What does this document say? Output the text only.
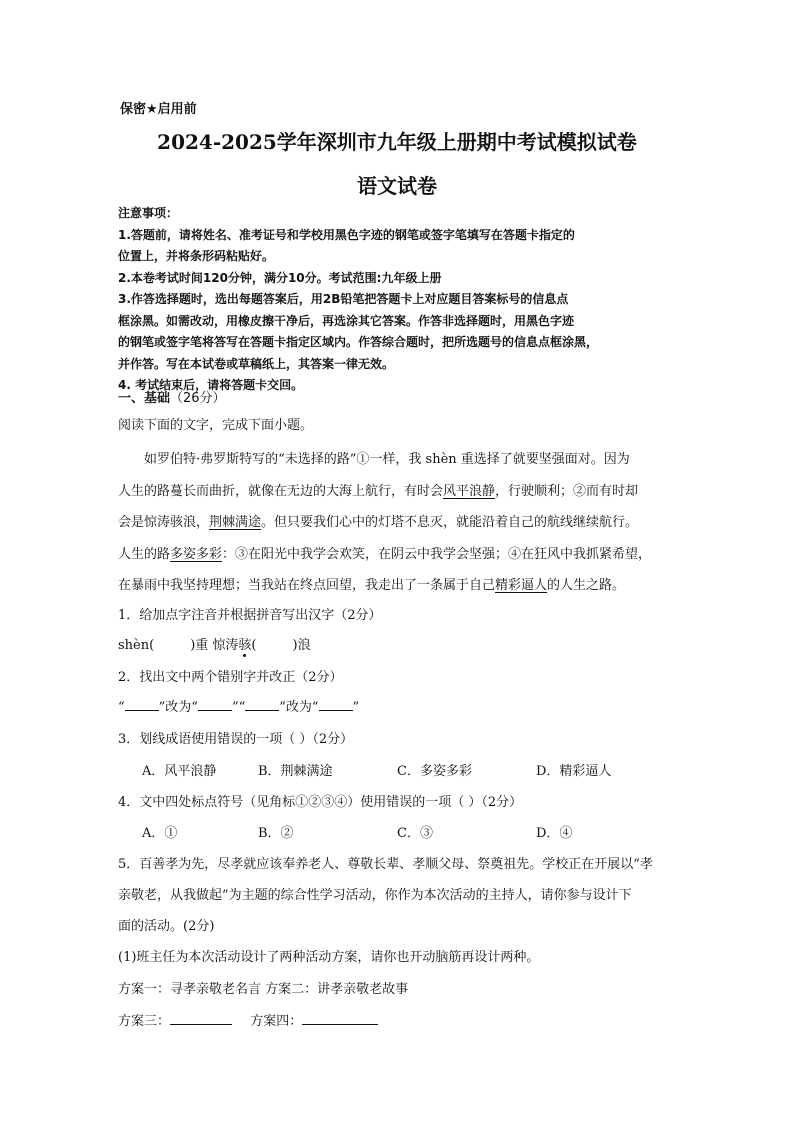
保密★启用前
2024-2025学年深圳市九年级上册期中考试模拟试卷
语文试卷
注意事项：
1.答题前，请将姓名、准考证号和学校用黑色字迹的钢笔或签字笔填写在答题卡指定的
位置上，并将条形码粘贴好。
2.本卷考试时间120分钟，满分10分。考试范围:九年级上册
3.作答选择题时，选出每题答案后，用2B铅笔把答题卡上对应题目答案标号的信息点
框涂黑。如需改动，用橡皮擦干净后，再选涂其它答案。作答非选择题时，用黑色字迹
的钢笔或签字笔将答写在答题卡指定区域内。作答综合题时，把所选题号的信息点框涂黑，
并作答。写在本试卷或草稿纸上，其答案一律无效。
4. 考试结束后，请将答题卡交回。
一、基础（26分）
阅读下面的文字，完成下面小题。
如罗伯特·弗罗斯特写的“未选择的路”①一样，我 shèn 重选择了就要坚强面对。因为
人生的路蔓长而曲折，就像在无边的大海上航行，有时会风平浪静，行驶顺利；②而有时却
会是惊涛骇浪，荆棘满途。但只要我们心中的灯塔不息灭，就能沿着自己的航线继续航行。
人生的路多姿多彩：③在阳光中我学会欢笑，在阴云中我学会坚强；④在狂风中我抓紧希望，
在暴雨中我坚持理想；当我站在终点回望，我走出了一条属于自己精彩逼人的人生之路。
1．给加点字注音并根据拼音写出汉字（2分）
shèn(	)重 惊涛骇(	)浪
2．找出文中两个错别字并改正（2分）
“	”改为“	”“	”改为“	”
3．划线成语使用错误的一项（ ）（2分）
A．风平浪静	B．荆棘满途	C．多姿多彩	D．精彩逼人
4．文中四处标点符号（见角标①②③④）使用错误的一项（ ）（2分）
A．①	B．②	C．③	D．④
5．百善孝为先，尽孝就应该奉养老人、尊敬长辈、孝顺父母、祭奠祖先。学校正在开展以“孝
亲敬老，从我做起”为主题的综合性学习活动，你作为本次活动的主持人，请你参与设计下
面的活动。(2分)
(1)班主任为本次活动设计了两种活动方案，请你也开动脑筋再设计两种。
方案一：寻孝亲敬老名言 方案二：讲孝亲敬老故事
方案三：	方案四：
